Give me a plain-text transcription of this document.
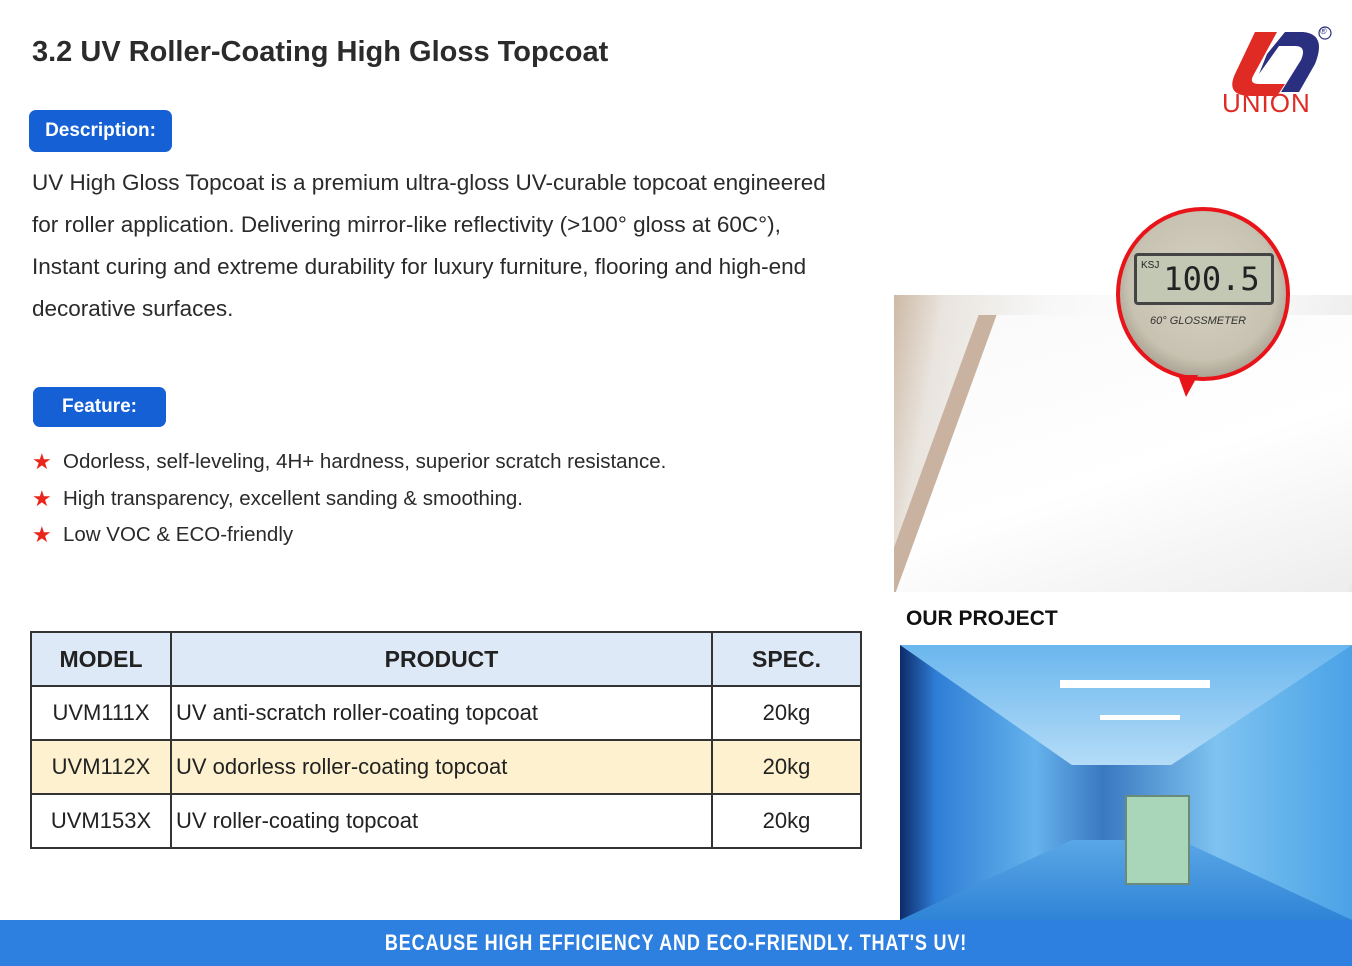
3.2 UV Roller-Coating High Gloss Topcoat
®
UNION
Description:
UV High Gloss Topcoat is a premium ultra-gloss UV-curable topcoat engineered for roller application. Delivering mirror-like reflectivity (>100° gloss at 60C°), Instant curing and extreme durability for luxury furniture, flooring and high-end decorative surfaces.
Feature:
★ Odorless, self-leveling, 4H+ hardness, superior scratch resistance.
★ High transparency, excellent sanding & smoothing.
★ Low VOC & ECO-friendly
MODEL	PRODUCT	SPEC.
UVM111X	UV anti-scratch roller-coating topcoat	20kg
UVM112X	UV odorless roller-coating topcoat	20kg
UVM153X	UV roller-coating topcoat	20kg
KSJ 100.5
60° GLOSSMETER
OUR PROJECT
BECAUSE HIGH EFFICIENCY AND ECO-FRIENDLY. THAT'S UV!
